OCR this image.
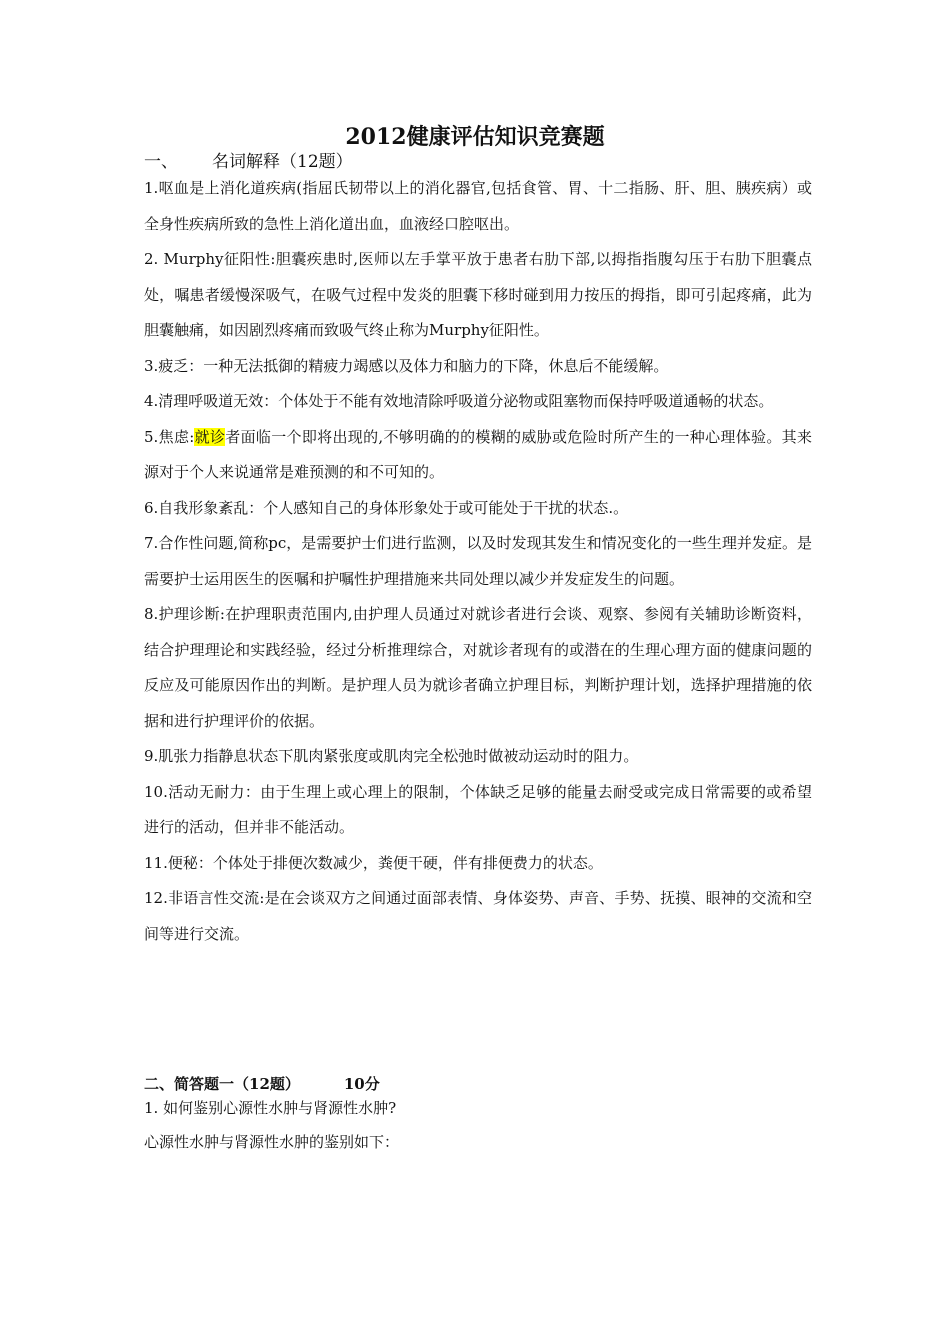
2012健康评估知识竞赛题
一、 名词解释（12题）

1.呕血是上消化道疾病(指屈氏韧带以上的消化器官,包括食管、胃、十二指肠、肝、胆、胰疾病）或全身性疾病所致的急性上消化道出血，血液经口腔呕出。

2. Murphy征阳性:胆囊疾患时,医师以左手掌平放于患者右肋下部,以拇指指腹勾压于右肋下胆囊点处，嘱患者缓慢深吸气，在吸气过程中发炎的胆囊下移时碰到用力按压的拇指，即可引起疼痛，此为胆囊触痛，如因剧烈疼痛而致吸气终止称为Murphy征阳性。

3.疲乏：一种无法抵御的精疲力竭感以及体力和脑力的下降，休息后不能缓解。

4.清理呼吸道无效：个体处于不能有效地清除呼吸道分泌物或阻塞物而保持呼吸道通畅的状态。

5.焦虑:就诊者面临一个即将出现的,不够明确的的模糊的威胁或危险时所产生的一种心理体验。其来源对于个人来说通常是难预测的和不可知的。

6.自我形象紊乱：个人感知自己的身体形象处于或可能处于干扰的状态.。

7.合作性问题,简称pc，是需要护士们进行监测，以及时发现其发生和情况变化的一些生理并发症。是需要护士运用医生的医嘱和护嘱性护理措施来共同处理以减少并发症发生的问题。

8.护理诊断:在护理职责范围内,由护理人员通过对就诊者进行会谈、观察、参阅有关辅助诊断资料，结合护理理论和实践经验，经过分析推理综合，对就诊者现有的或潜在的生理心理方面的健康问题的反应及可能原因作出的判断。是护理人员为就诊者确立护理目标，判断护理计划，选择护理措施的依据和进行护理评价的依据。

9.肌张力指静息状态下肌肉紧张度或肌肉完全松弛时做被动运动时的阻力。

10.活动无耐力：由于生理上或心理上的限制，个体缺乏足够的能量去耐受或完成日常需要的或希望进行的活动，但并非不能活动。

11.便秘：个体处于排便次数减少，粪便干硬，伴有排便费力的状态。

12.非语言性交流:是在会谈双方之间通过面部表情、身体姿势、声音、手势、抚摸、眼神的交流和空间等进行交流。

二、简答题一（12题）	10分
1. 如何鉴别心源性水肿与肾源性水肿?
心源性水肿与肾源性水肿的鉴别如下：
